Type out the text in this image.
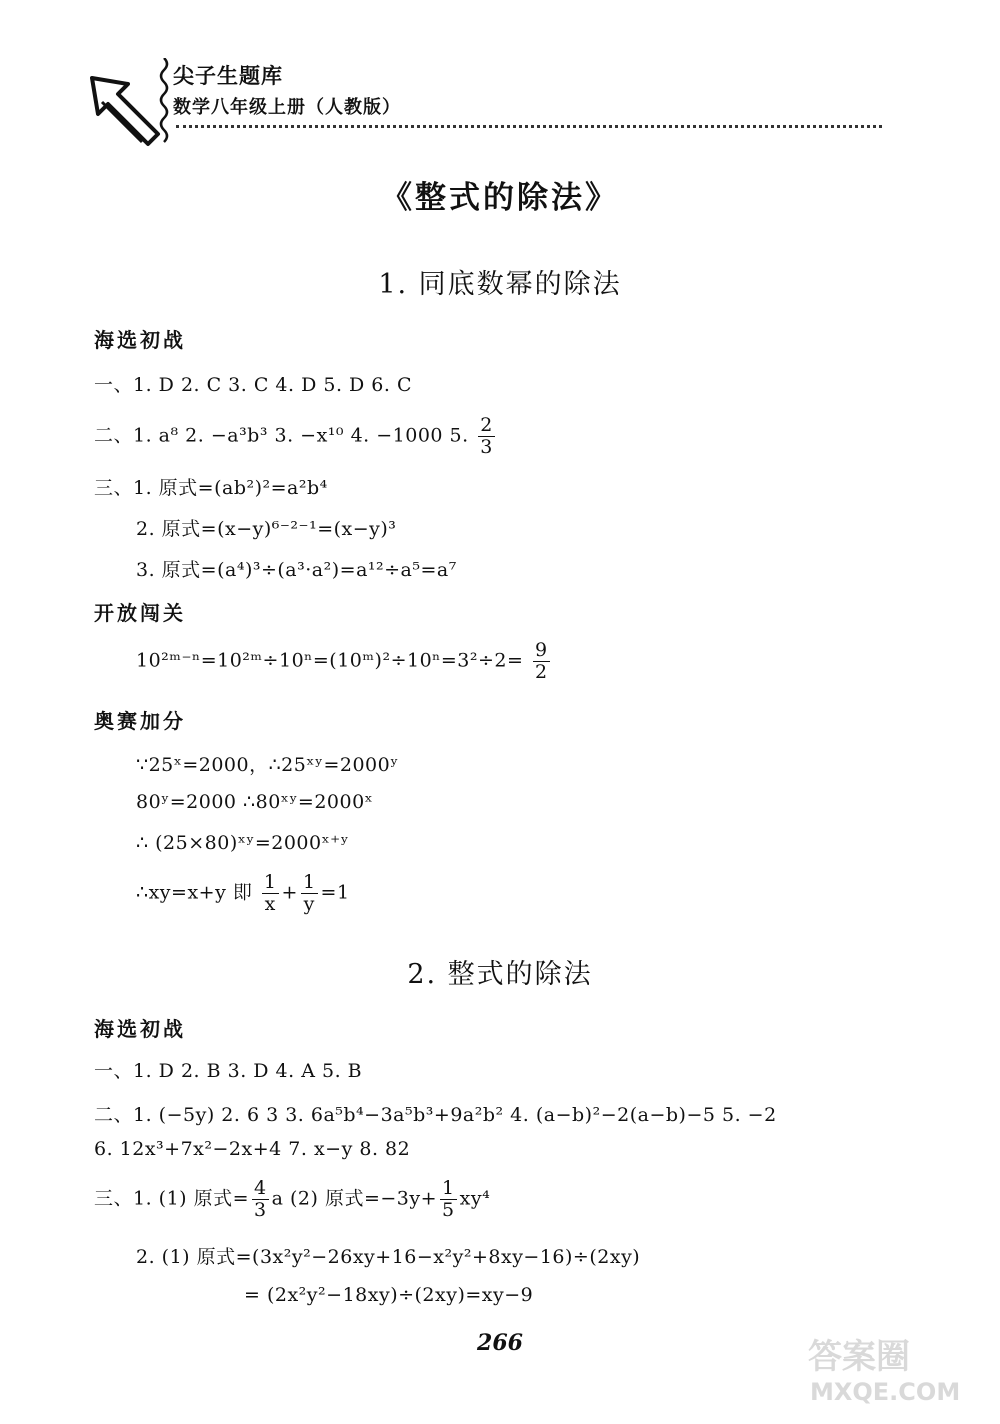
尖子生题库
数学八年级上册（人教版）
《整式的除法》
1. 同底数幂的除法
海选初战
一、1. D 2. C 3. C 4. D 5. D 6. C
二、1. a⁸ 2. −a³b³ 3. −x¹⁰ 4. −1000 5. $\frac{2}{3}$
三、1. 原式=(ab²)²=a²b⁴
2. 原式=(x−y)⁶⁻²⁻¹=(x−y)³
3. 原式=(a⁴)³÷(a³·a²)=a¹²÷a⁵=a⁷
开放闯关
10²ᵐ⁻ⁿ=10²ᵐ÷10ⁿ=(10ᵐ)²÷10ⁿ=3²÷2= $\frac{9}{2}$
奥赛加分
∵25ˣ=2000，∴25ˣʸ=2000ʸ
80ʸ=2000 ∴80ˣʸ=2000ˣ
∴ (25×80)ˣʸ=2000ˣ⁺ʸ
∴xy=x+y 即 $\frac{1}{x} + \frac{1}{y} =1$
2. 整式的除法
海选初战
一、1. D 2. B 3. D 4. A 5. B
二、1. (−5y) 2. 6 3 3. 6a⁵b⁴−3a⁵b³+9a²b² 4. (a−b)²−2(a−b)−5 5. −2
6. 12x³+7x²−2x+4 7. x−y 8. 82
三、1. (1) 原式= $\frac{4}{3}$ a (2) 原式$=-3y+ \frac{1}{5} xy^4$
2. (1) 原式=(3x²y²−26xy+16−x²y²+8xy−16)÷(2xy)
= (2x²y²−18xy)÷(2xy)=xy−9
266	答案圈
MXQE.COM
